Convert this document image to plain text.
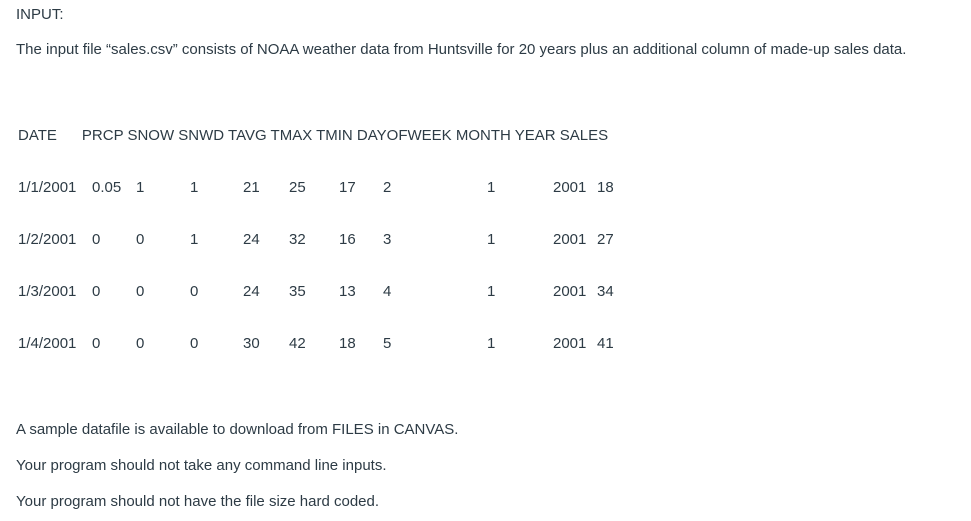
INPUT:
The input file “sales.csv” consists of NOAA weather data from Huntsville for 20 years plus an additional column of made-up sales data.
DATE      PRCP SNOW SNWD TAVG TMAX TMIN DAYOFWEEK MONTH YEAR SALES
1/1/2001 0.05 1	1	21 25 17 2	1	2001 18
1/2/2001 0 0	1	24 32 16 3	1	2001 27
1/3/2001 0 0	0	24 35 13 4	1	2001 34
1/4/2001 0 0	0	30 42 18 5	1	2001 41
A sample datafile is available to download from FILES in CANVAS.
Your program should not take any command line inputs.
Your program should not have the file size hard coded.
